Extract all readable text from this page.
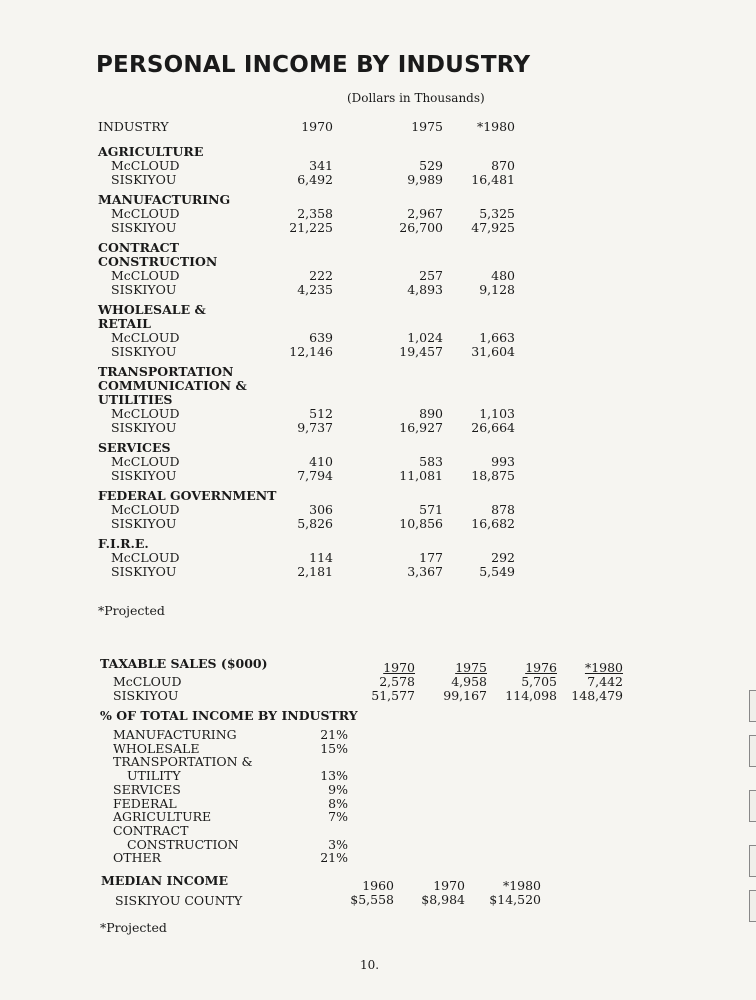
PERSONAL INCOME BY INDUSTRY
(Dollars in Thousands)
10.
INDUSTRY	1970	1975	*1980
AGRICULTURE
McCLOUD	341	529	870
SISKIYOU	6,492	9,989	16,481
MANUFACTURING
McCLOUD	2,358	2,967	5,325
SISKIYOU	21,225	26,700	47,925
CONTRACT
CONSTRUCTION
McCLOUD	222	257	480
SISKIYOU	4,235	4,893	9,128
WHOLESALE &
RETAIL
McCLOUD	639	1,024	1,663
SISKIYOU	12,146	19,457	31,604
TRANSPORTATION
COMMUNICATION &
UTILITIES
McCLOUD	512	890	1,103
SISKIYOU	9,737	16,927	26,664
SERVICES
McCLOUD	410	583	993
SISKIYOU	7,794	11,081	18,875
FEDERAL GOVERNMENT
McCLOUD	306	571	878
SISKIYOU	5,826	10,856	16,682
F.I.R.E.
McCLOUD	114	177	292
SISKIYOU	2,181	3,367	5,549
*Projected
TAXABLE SALES ($000)	1970	1975	1976	*1980
McCLOUD	2,578	4,958	5,705	7,442
SISKIYOU	51,577	99,167	114,098	148,479
% OF TOTAL INCOME BY INDUSTRY
MANUFACTURING	21%
WHOLESALE	15%
TRANSPORTATION &
UTILITY	13%
SERVICES	9%
FEDERAL	8%
AGRICULTURE	7%
CONTRACT
CONSTRUCTION	3%
OTHER	21%
MEDIAN INCOME	1960	1970	*1980
SISKIYOU COUNTY	$5,558	$8,984	$14,520
*Projected
